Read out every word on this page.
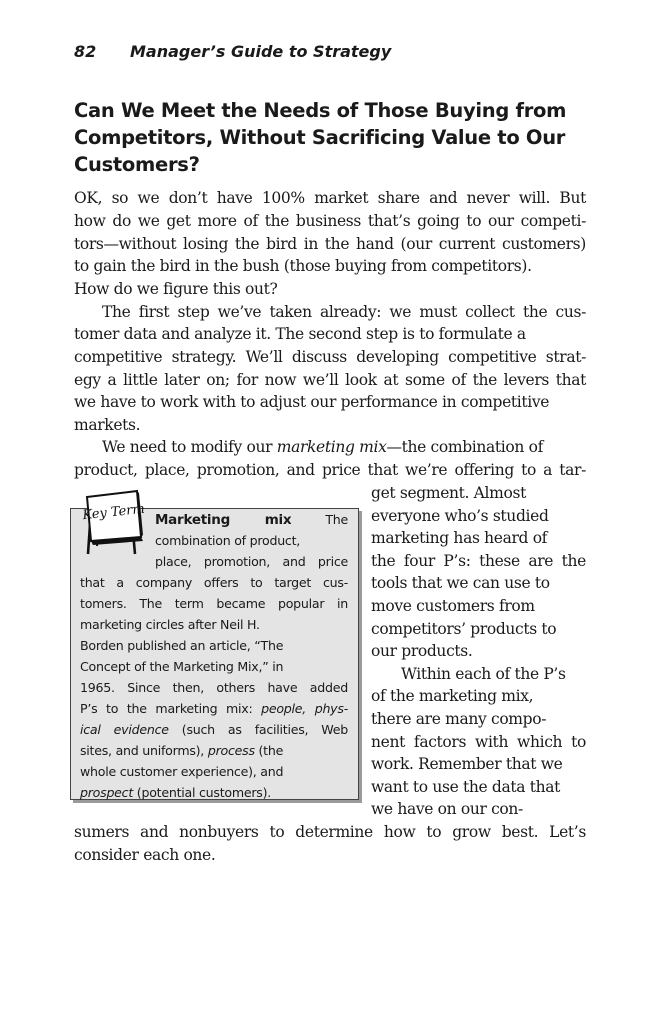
82 Manager’s Guide to Strategy
Can We Meet the Needs of Those Buying from Competitors, Without Sacrificing Value to Our Customers?
OK, so we don’t have 100% market share and never will. But
how do we get more of the business that’s going to our competi-
tors—without losing the bird in the hand (our current customers)
to gain the bird in the bush (those buying from competitors).
How do we figure this out?
The first step we’ve taken already: we must collect the cus-
tomer data and analyze it. The second step is to formulate a
competitive strategy. We’ll discuss developing competitive strat-
egy a little later on; for now we’ll look at some of the levers that
we have to work with to adjust our performance in competitive
markets.
We need to modify our marketing mix—the combination of
product, place, promotion, and price that we’re offering to a tar-
get segment. Almost
everyone who’s studied
marketing has heard of
the four P’s: these are the
tools that we can use to
move customers from
competitors’ products to
our products.
Within each of the P’s
of the marketing mix,
there are many compo-
nent factors with which to
work. Remember that we
want to use the data that
we have on our con-
sumers and nonbuyers to determine how to grow best. Let’s
consider each one.
Key Term Marketing mix	The
combination of product,
place, promotion, and price
that a company offers to target cus-
tomers. The term became popular in
marketing circles after Neil H.
Borden published an article, “The
Concept of the Marketing Mix,” in
1965. Since then, others have added
P’s to the marketing mix: people, phys-
ical evidence (such as facilities, Web
sites, and uniforms), process (the
whole customer experience), and
prospect (potential customers).
